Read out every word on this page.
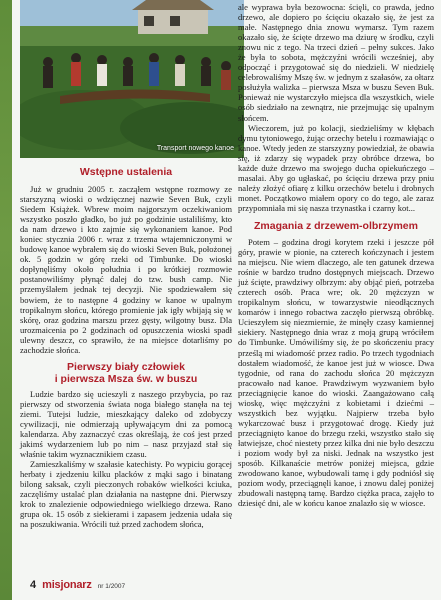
Transport nowego kanoe
Wstępne ustalenia

Już w grudniu 2005 r. zacząłem wstępne rozmowy ze starszyzną wioski o wdzięcznej nazwie Seven Buk, czyli Siedem Książek. Wbrew moim najgorszym oczekiwaniom wszystko poszło gładko, bo już po godzinie ustaliliśmy, kto da nam drzewo i kto zajmie się wykonaniem kanoe. Pod koniec stycznia 2006 r. wraz z trzema wtajemniczonymi w budowę kanoe wybrałem się do wioski Seven Buk, położonej ok. 5 godzin w górę rzeki od Timbunke. Do wioski dopłynęliśmy około południa i po krótkiej rozmowie postanowiliśmy płynąć dalej do tzw. bush camp. Nie przemyślałem jednak tej decyzji. Nie spodziewałem się bowiem, że to następne 4 godziny w kanoe w upalnym tropikalnym słońcu, którego promienie jak igły wbijają się w skórę, oraz godzina marszu przez gęsty, wilgotny busz. Dla urozmaicenia po 2 godzinach od opuszczenia wioski spadł ulewny deszcz, co sprawiło, że na miejsce dotarliśmy po zachodzie słońca.

Pierwszy biały człowiek
i pierwsza Msza św. w buszu

Ludzie bardzo się ucieszyli z naszego przybycia, po raz pierwszy od stworzenia świata noga białego stanęła na tej ziemi. Tutejsi ludzie, mieszkający daleko od zdobyczy cywilizacji, nie odmierzają upływającym dni za pomocą kalendarza. Aby zaznaczyć czas określają, że coś jest przed jakimś wydarzeniem lub po nim – nasz przyjazd stał się właśnie takim wyznacznikiem czasu.

Zamieszkaliśmy w szałasie katechisty. Po wypiciu gorącej herbaty i zjedzeniu kilku placków z mąki sago i binatang bilong saksak, czyli pieczonych robaków wielkości kciuka, zaczęliśmy ustalać plan działania na następne dni. Pierwszy krok to znalezienie odpowiedniego wielkiego drzewa. Rano grupa ok. 15 osób z siekierami i zapasem jedzenia udała się na poszukiwania. Wrócili tuż przed zachodem słońca,

ale wyprawa była bezowocna: ścięli, co prawda, jedno drzewo, ale dopiero po ścięciu okazało się, że jest za małe. Następnego dnia znowu wymarsz. Tym razem okazało się, że ścięte drzewo ma dziurę w środku, czyli znowu nic z tego. Na trzeci dzień – pełny sukces. Jako że była to sobota, mężczyźni wrócili wcześniej, aby odpocząć i przygotować się do niedzieli. W niedzielę celebrowaliśmy Mszę św. w jednym z szałasów, za ołtarz posłużyła walizka – pierwsza Msza w buszu Seven Buk. Ponieważ nie wystarczyło miejsca dla wszystkich, wiele osób siedziało na zewnątrz, nie przejmując się upalnym słońcem.

Wieczorem, już po kolacji, siedzieliśmy w kłębach dymu tytoniowego, żując orzechy betelu i rozmawiając o kanoe. Wtedy jeden ze starszyzny powiedział, że obawia się, iż zdarzy się wypadek przy obróbce drzewa, bo każde duże drzewo ma swojego ducha opiekuńczego – masalai. Aby go ugłaskać, po ścięciu drzewa przy pniu należy złożyć ofiarę z kilku orzechów betelu i drobnych monet. Początkowo miałem opory co do tego, ale zaraz przypomniała mi się nasza trzynastka i czarny kot...

Zmagania z drzewem-olbrzymem

Potem – godzina drogi korytem rzeki i jeszcze pół góry, prawie w pionie, na czterech kończynach i jestem na miejscu. Nie wiem dlaczego, ale ten gatunek drzewa rośnie w bardzo trudno dostępnych miejscach. Drzewo już ścięte, prawdziwy olbrzym: aby objąć pień, potrzeba czterech osób. Praca wre; ok. 20 mężczyzn w tropikalnym słońcu, w towarzystwie nieodłącznych komarów i innego robactwa zaczęło pierwszą obróbkę. Ucieszyłem się niezmiernie, że minęły czasy kamiennej siekiery. Następnego dnia wraz z moją grupą wróciłem do Timbunke. Umówiliśmy się, że po skończeniu pracy prześlą mi wiadomość przez radio. Po trzech tygodniach dostałem wiadomość, że kanoe jest już w wiosce. Dwa tygodnie, od rana do zachodu słońca 20 mężczyzn pracowało nad kanoe. Prawdziwym wyzwaniem było przeciągnięcie kanoe do wioski. Zaangażowano całą wioskę, więc mężczyźni z kobietami i dziećmi – wszystkich bez wyjątku. Najpierw trzeba było wykarczować busz i przygotować drogę. Kiedy już przeciągnięto kanoe do brzegu rzeki, wszystko stało się łatwiejsze, choć niestety przez kilka dni nie było deszczu i poziom wody był za niski. Jednak na wszystko jest sposób. Kilkanaście metrów poniżej miejsca, gdzie zwodowano kanoe, wybudowali tamę i gdy podniósł się poziom wody, przeciągnęli kanoe, i znowu dalej poniżej zbudowali następną tamę. Bardzo ciężka praca, zajęło to dziesięć dni, ale w końcu kanoe znalazło się w wiosce.

4 misjonarz nr 1/2007
